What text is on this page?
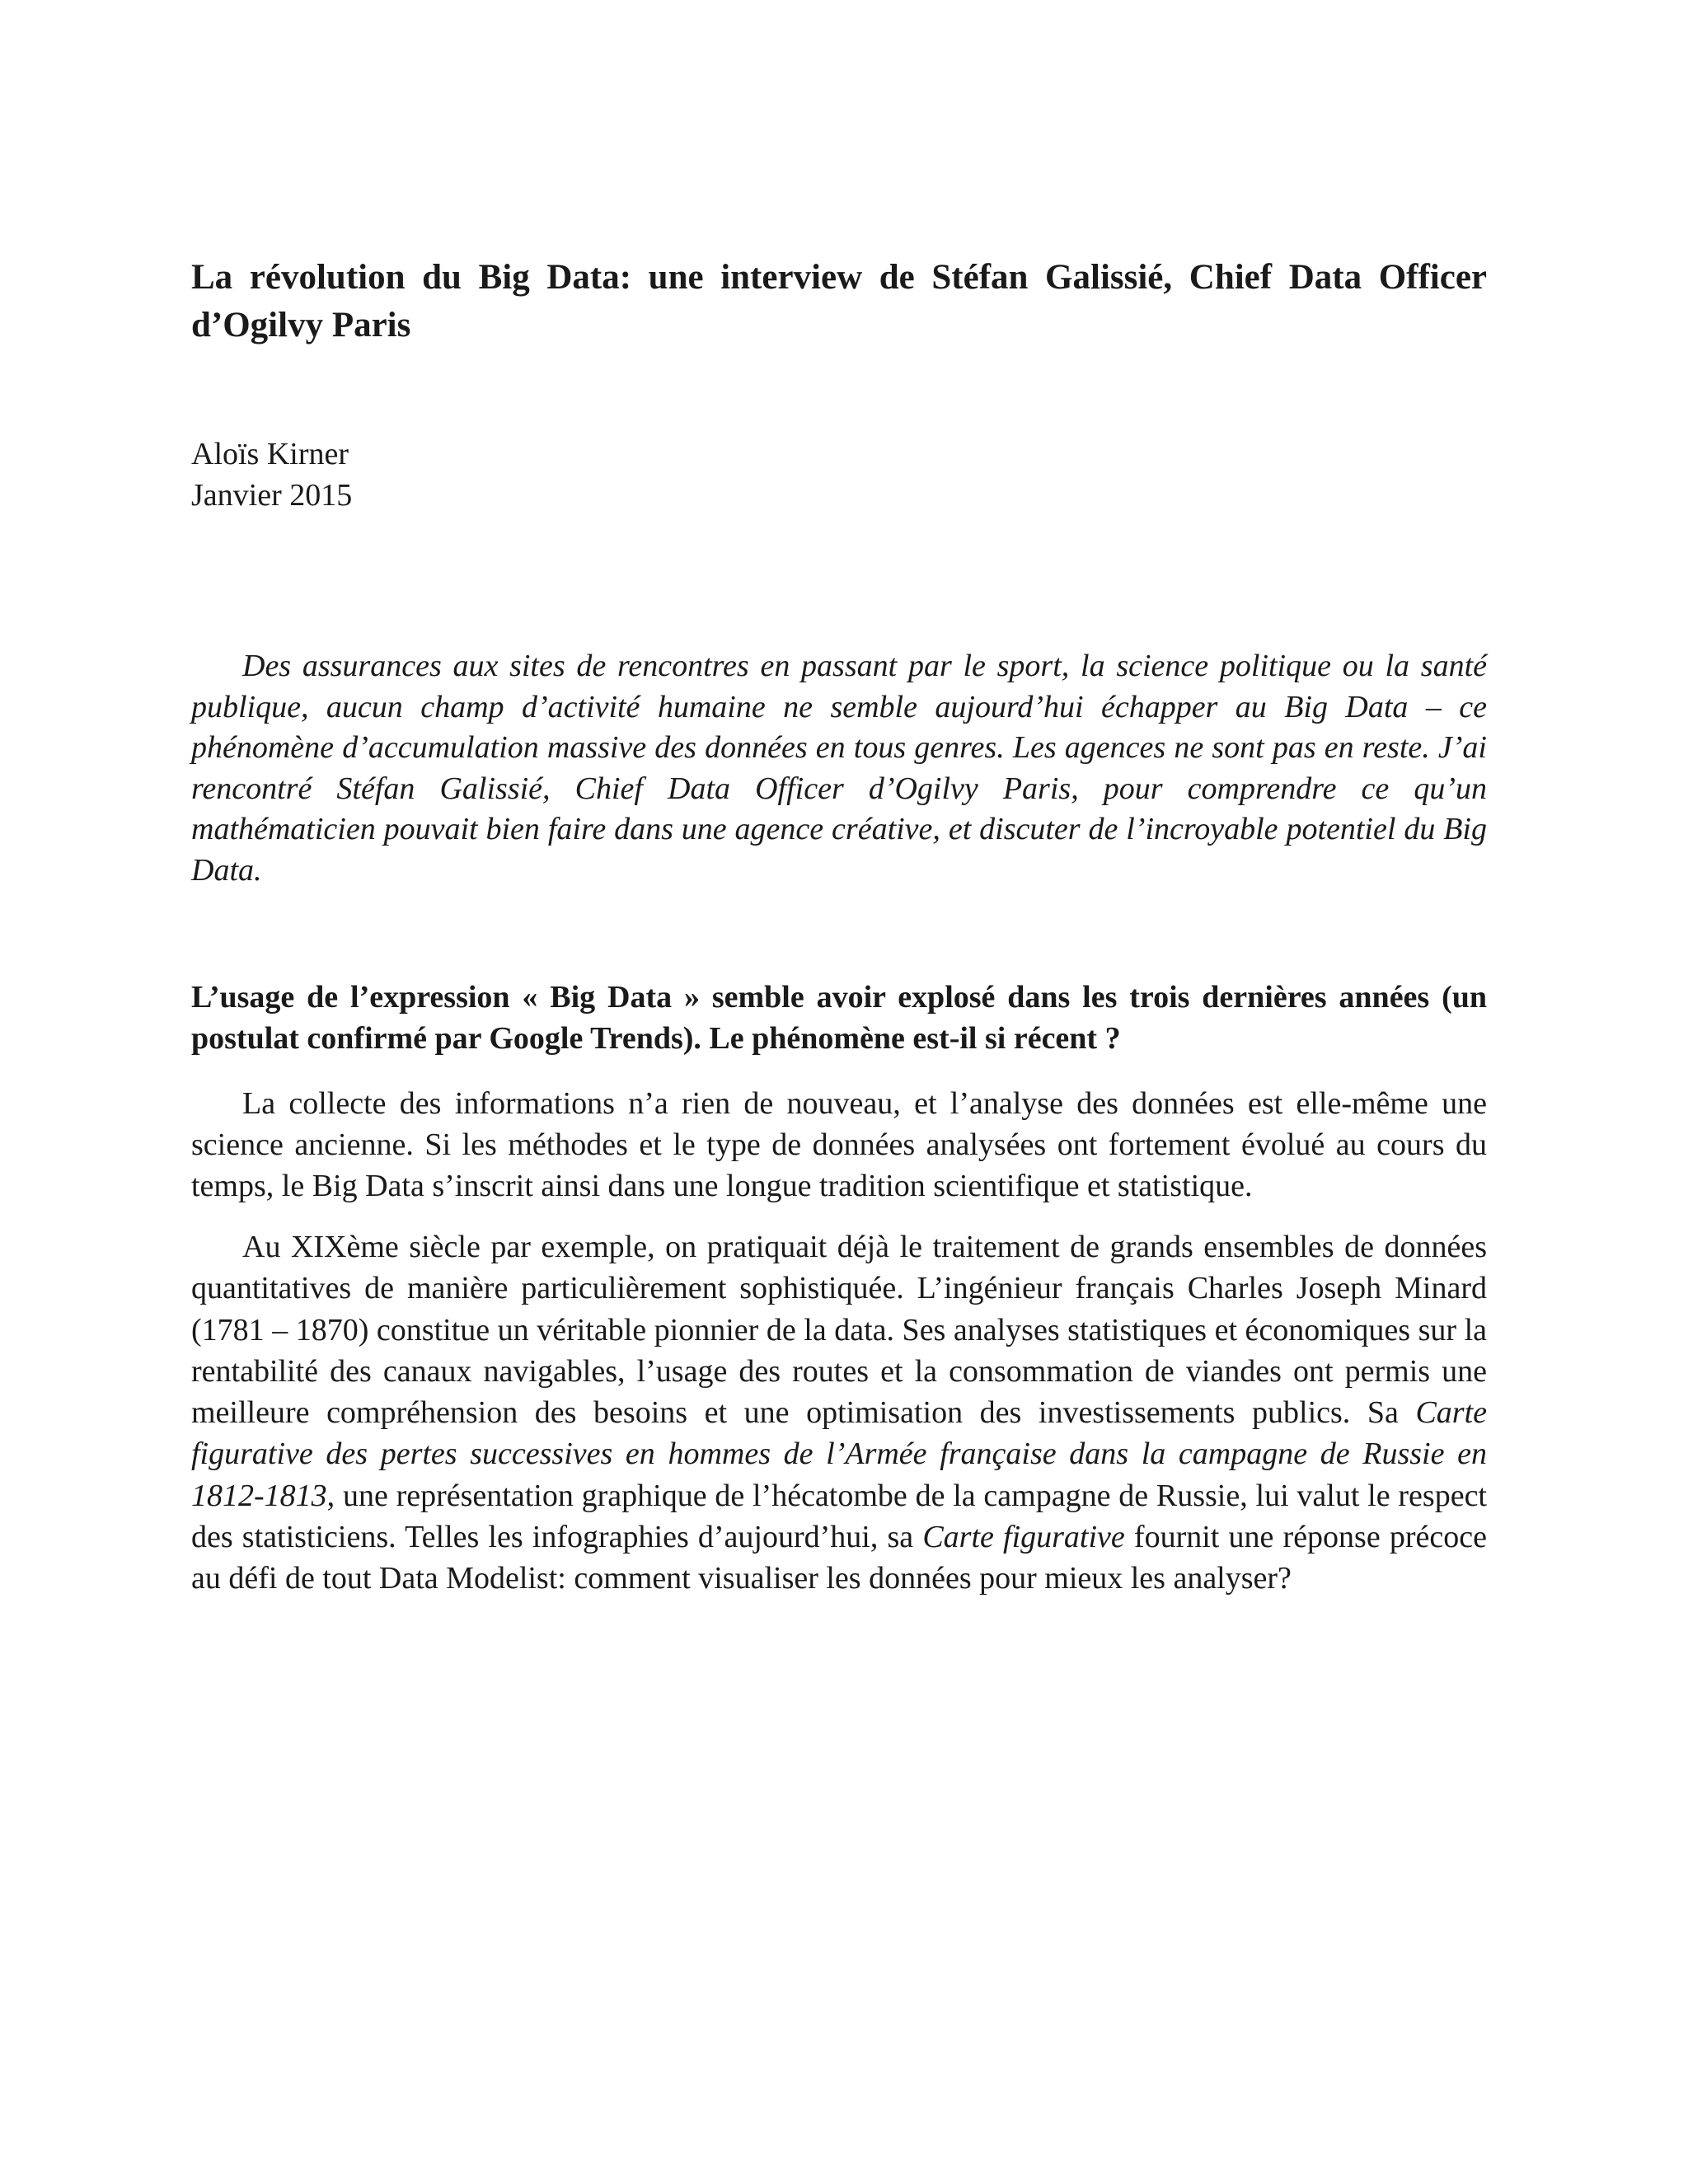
La révolution du Big Data: une interview de Stéfan Galissié, Chief Data Officer d’Ogilvy Paris
Aloïs Kirner
Janvier 2015

Des assurances aux sites de rencontres en passant par le sport, la science politique ou la santé publique, aucun champ d’activité humaine ne semble aujourd’hui échapper au Big Data – ce phénomène d’accumulation massive des données en tous genres. Les agences ne sont pas en reste. J’ai rencontré Stéfan Galissié, Chief Data Officer d’Ogilvy Paris, pour comprendre ce qu’un mathématicien pouvait bien faire dans une agence créative, et discuter de l’incroyable potentiel du Big Data.

L’usage de l’expression « Big Data » semble avoir explosé dans les trois dernières années (un postulat confirmé par Google Trends). Le phénomène est-il si récent ?

La collecte des informations n’a rien de nouveau, et l’analyse des données est elle-même une science ancienne. Si les méthodes et le type de données analysées ont fortement évolué au cours du temps, le Big Data s’inscrit ainsi dans une longue tradition scientifique et statistique.

Au XIXème siècle par exemple, on pratiquait déjà le traitement de grands ensembles de données quantitatives de manière particulièrement sophistiquée. L’ingénieur français Charles Joseph Minard (1781 – 1870) constitue un véritable pionnier de la data. Ses analyses statistiques et économiques sur la rentabilité des canaux navigables, l’usage des routes et la consommation de viandes ont permis une meilleure compréhension des besoins et une optimisation des investissements publics. Sa Carte figurative des pertes successives en hommes de l’Armée française dans la campagne de Russie en 1812-1813, une représentation graphique de l’hécatombe de la campagne de Russie, lui valut le respect des statisticiens. Telles les infographies d’aujourd’hui, sa Carte figurative fournit une réponse précoce au défi de tout Data Modelist: comment visualiser les données pour mieux les analyser?
